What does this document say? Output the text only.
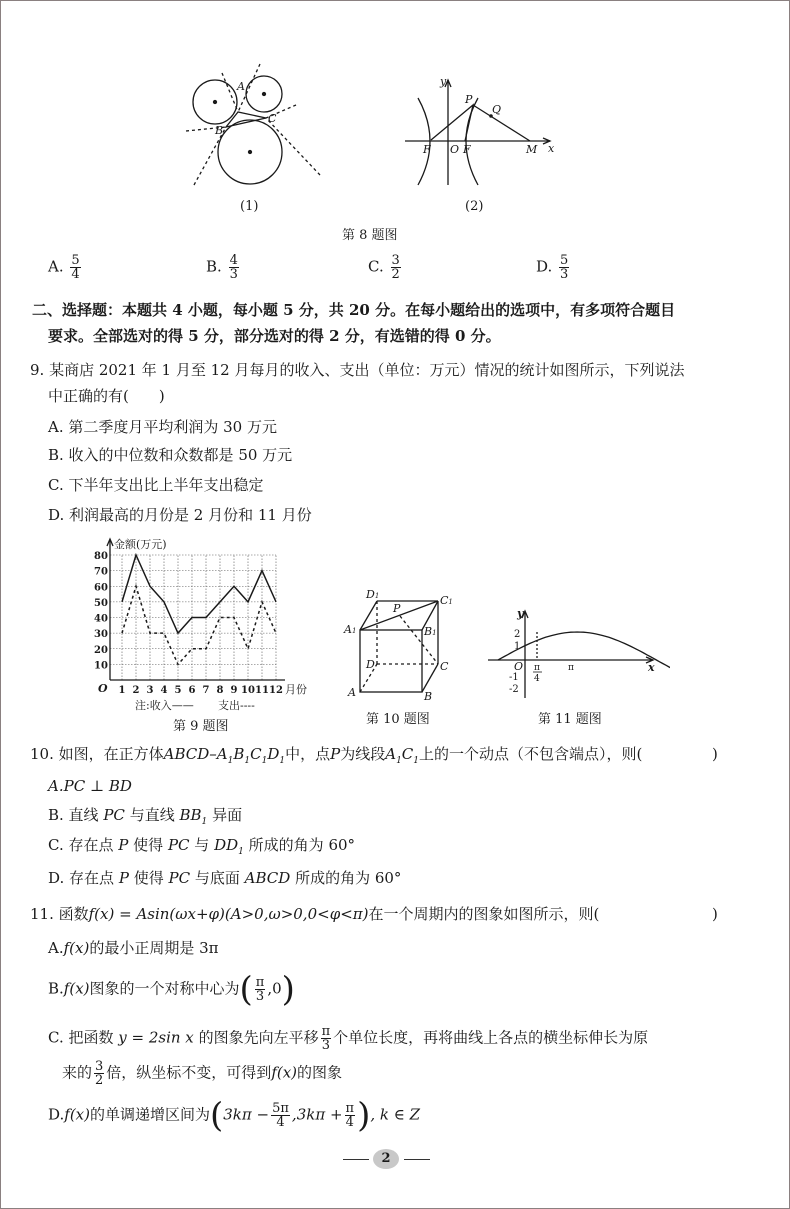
A
B
C
(1)
y
x
P
Q
F O F	M
(2)
第 8 题图
A. $\frac{5}{4}$	B. $\frac{4}{3}$	C. $\frac{3}{2}$	D. $\frac{5}{3}$
二、选择题：本题共 4 小题，每小题 5 分，共 20 分。在每小题给出的选项中，有多项符合题目
要求。全部选对的得 5 分，部分选对的得 2 分，有选错的得 0 分。
9. 某商店 2021 年 1 月至 12 月每月的收入、支出（单位：万元）情况的统计如图所示，下列说法
中正确的有(　　)
A. 第二季度月平均利润为 30 万元
B. 收入的中位数和众数都是 50 万元
C. 下半年支出比上半年支出稳定
D. 利润最高的月份是 2 月份和 11 月份
金额(万元)
月份
O
10
20
30
40
50
60
70
80
1 2 3 4 5 6 7 8 9 10 11 12
注:收入—— 支出----
第 9 题图
D1	C1
P
A1	B1
D	C
A	B
第 10 题图
y
x
O
2
1
-1
-2
π
4
π
第 11 题图
10. 如图，在正方体ABCD–$A_1B_1C_1D_1$中，点P为线段$A_1C_1$上的一个动点（不包含端点），则(	)
A.PC ⊥ BD
B. 直线 PC 与直线 $BB_1$ 异面
C. 存在点 P 使得 PC 与 $DD_1$ 所成的角为 60°
D. 存在点 P 使得 PC 与底面 ABCD 所成的角为 60°
11. 函数f(x) = Asin(ωx+φ)(A>0,ω>0,0<φ<π)在一个周期内的图象如图所示，则(	)
A.f(x)的最小正周期是 3π
B.f(x)图象的一个对称中心为( $\frac{\pi}{3} ,0$)
C. 把函数 y = 2sin x 的图象先向左平移 $\frac{\pi}{3}$ 个单位长度，再将曲线上各点的横坐标伸长为原
来的 $\frac{3}{2}$ 倍，纵坐标不变，可得到f(x)的图象
D.f(x)的单调递增区间为($3k\pi - \frac{5\pi}{4} ,3k\pi + \frac{\pi}{4}$ ), k ∈ Z
2
